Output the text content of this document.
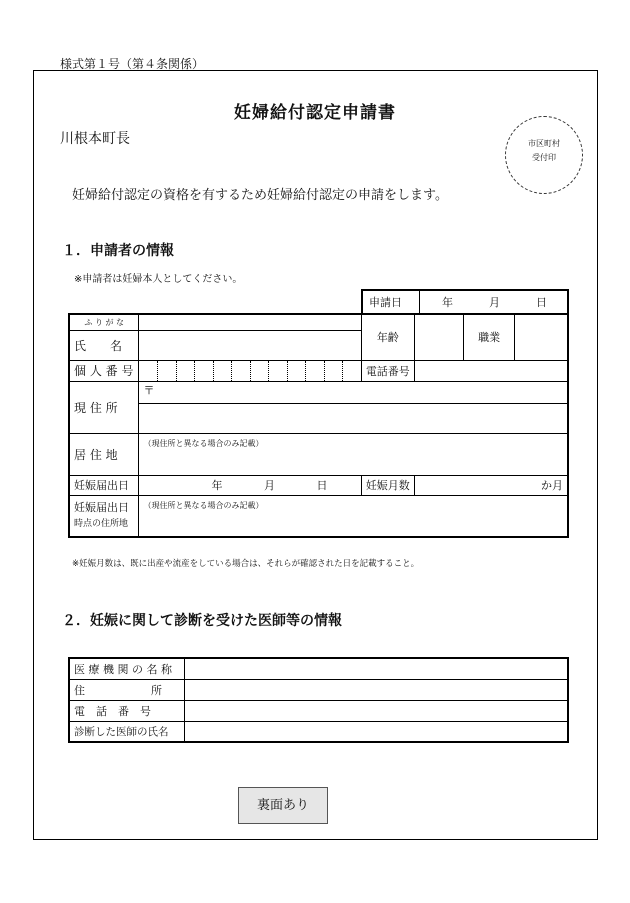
様式第１号（第４条関係）
妊婦給付認定申請書
川根本町長	市区町村
受付印
妊婦給付認定の資格を有するため妊婦給付認定の申請をします。
１．申請者の情報
※申請者は妊婦本人としてください。
申請日	年	月	日
ふ り が な		年齢		職業	
氏　　名					
個 人 番 号		電話番号			
現 住 所	〒				

居 住 地	（現住所と異なる場合のみ記載）				
妊娠届出日	年 月 日	妊娠月数	か月		

妊娠届出日
時点の住所地	（現住所と異なる場合のみ記載）				
※妊娠月数は、既に出産や流産をしている場合は、それらが確認された日を記載すること。
２．妊娠に関して診断を受けた医師等の情報
医 療 機 関 の 名 称	
住　　　　　　所	
電　話　番　号	
診断した医師の氏名	
裏面あり
